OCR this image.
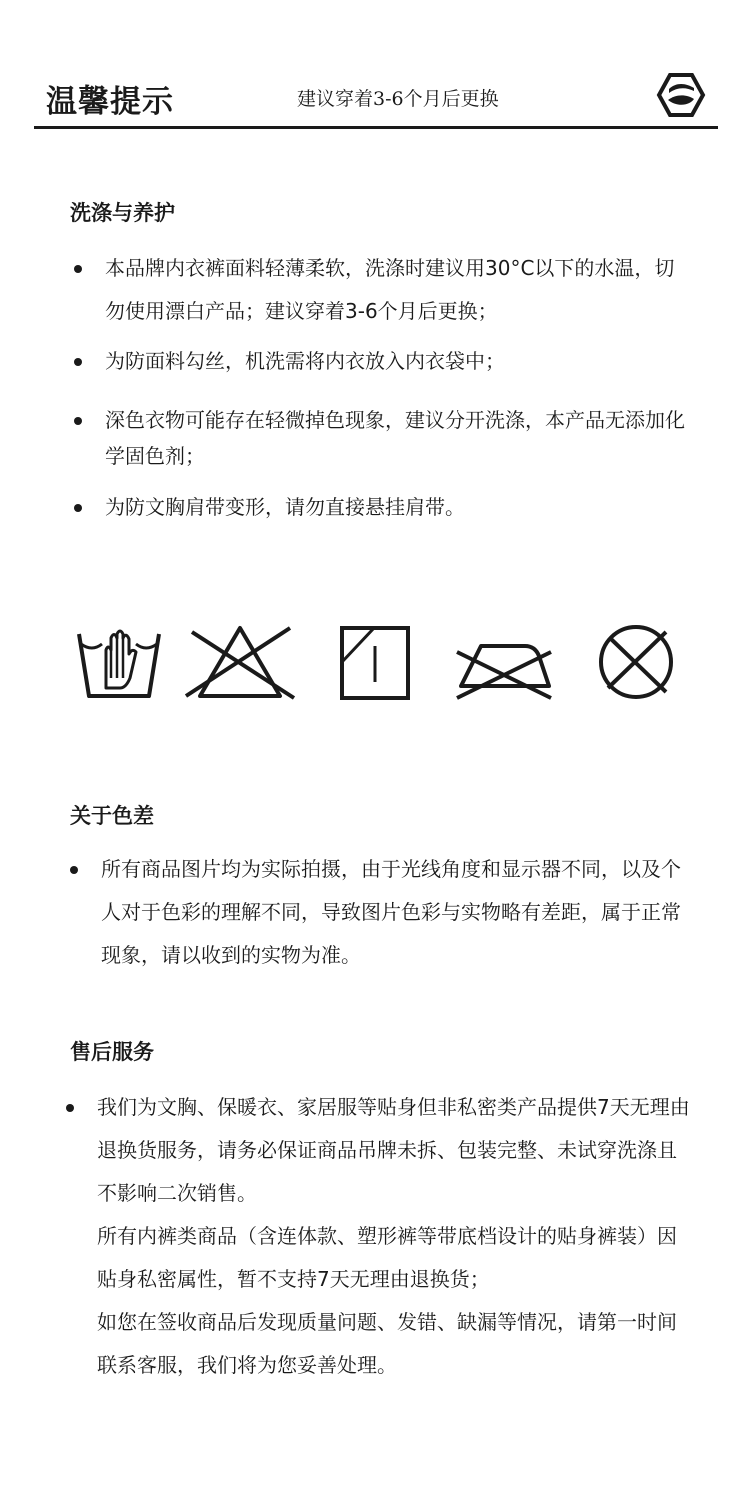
温馨提示	建议穿着3-6个月后更换
洗涤与养护
本品牌内衣裤面料轻薄柔软，洗涤时建议用30°C以下的水温，切勿使用漂白产品；建议穿着3-6个月后更换；
为防面料勾丝，机洗需将内衣放入内衣袋中；
深色衣物可能存在轻微掉色现象，建议分开洗涤，本产品无添加化学固色剂；
为防文胸肩带变形，请勿直接悬挂肩带。
关于色差
所有商品图片均为实际拍摄，由于光线角度和显示器不同，以及个人对于色彩的理解不同，导致图片色彩与实物略有差距，属于正常现象，请以收到的实物为准。
售后服务
我们为文胸、保暖衣、家居服等贴身但非私密类产品提供7天无理由退换货服务，请务必保证商品吊牌未拆、包装完整、未试穿洗涤且不影响二次销售。
所有内裤类商品（含连体款、塑形裤等带底档设计的贴身裤装）因贴身私密属性，暂不支持7天无理由退换货；
如您在签收商品后发现质量问题、发错、缺漏等情况，请第一时间联系客服，我们将为您妥善处理。
